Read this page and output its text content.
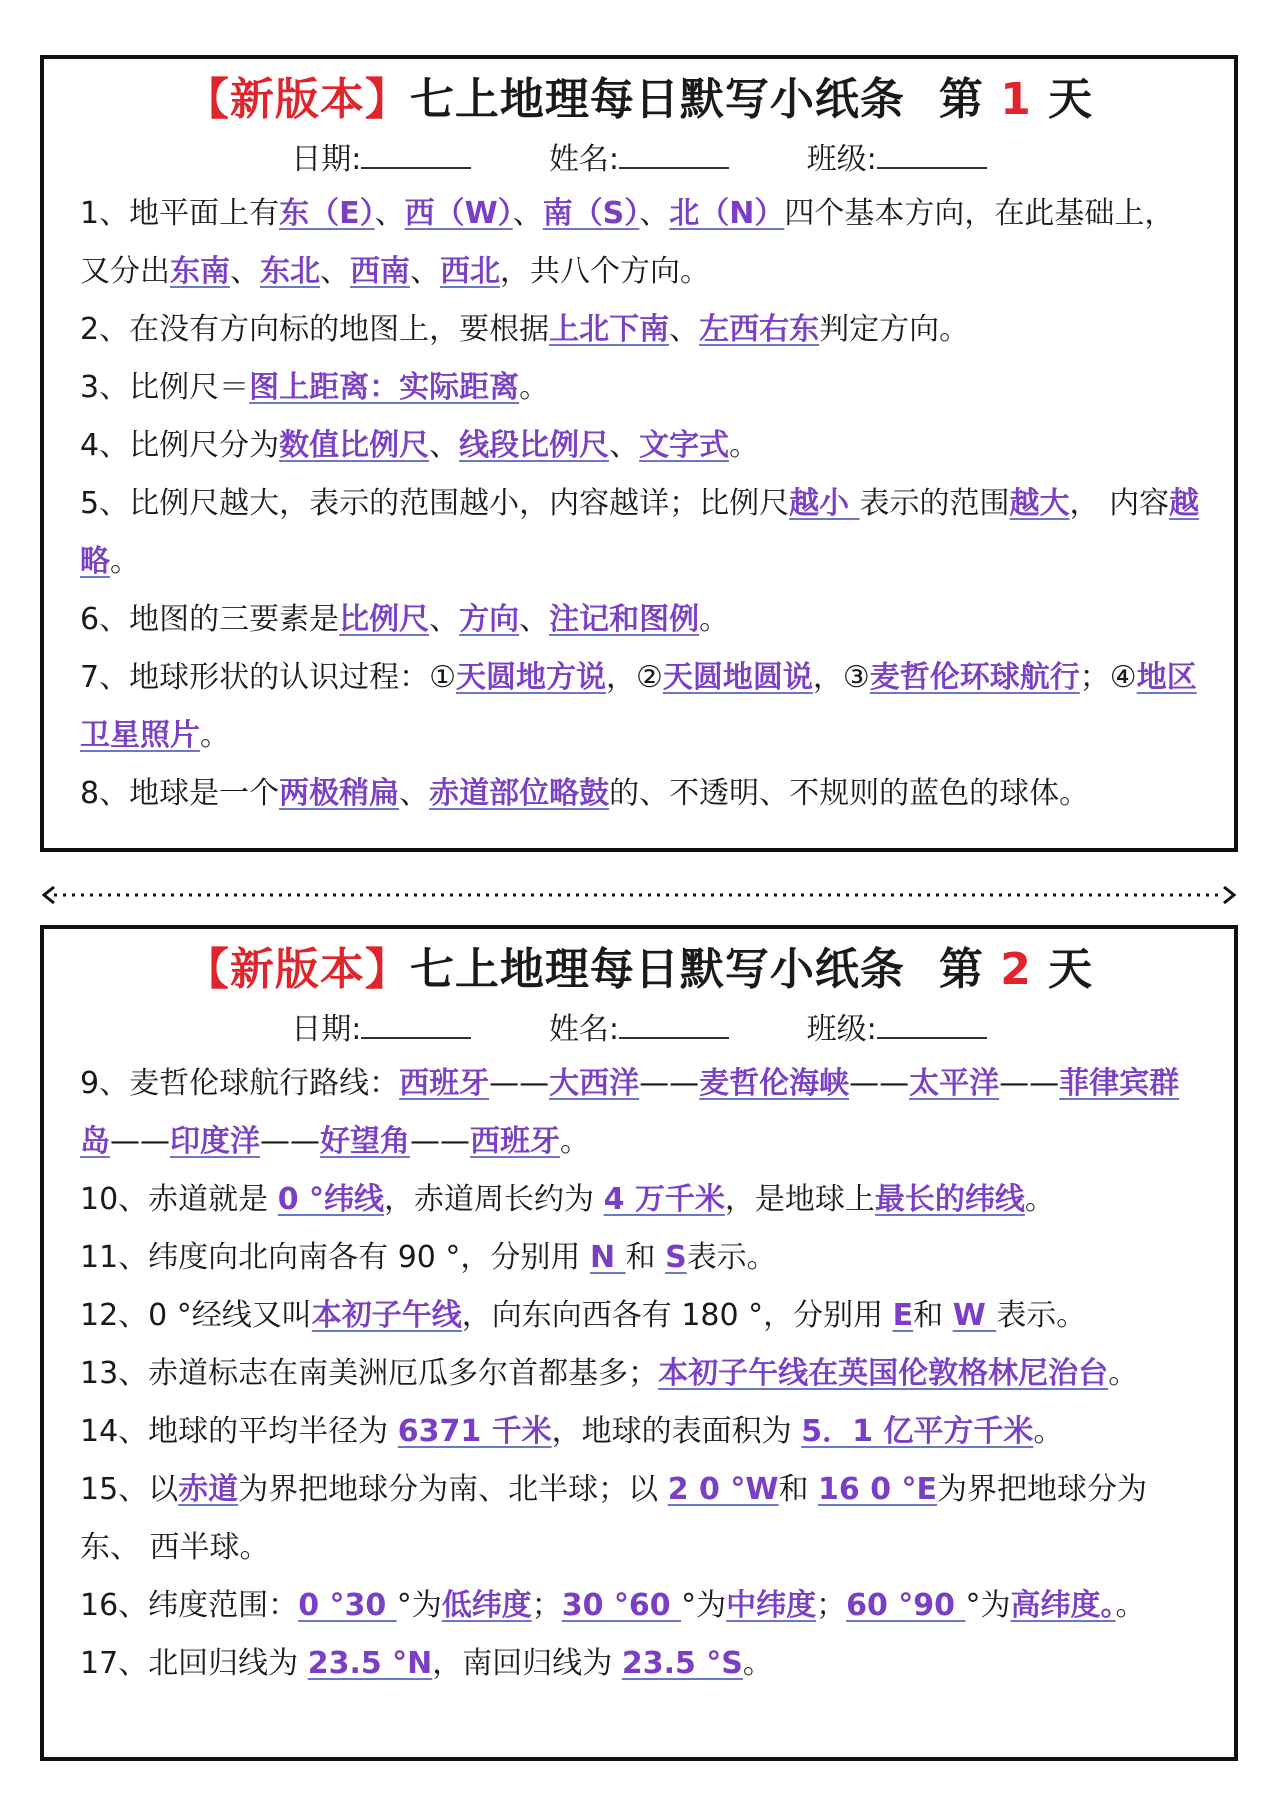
【新版本】七上地理每日默写小纸条 第 1 天
日期:	姓名:	班级:

1、地平面上有东（E）、西（W）、南（S）、北（N）四个基本方向，在此基础上，又分出东南、东北、西南、西北，共八个方向。

2、在没有方向标的地图上，要根据上北下南、左西右东判定方向。

3、比例尺＝图上距离：实际距离。

4、比例尺分为数值比例尺、线段比例尺、文字式。

5、比例尺越大，表示的范围越小，内容越详；比例尺越小 表示的范围越大， 内容越略。

6、地图的三要素是比例尺、方向、注记和图例。

7、地球形状的认识过程：①天圆地方说，②天圆地圆说，③麦哲伦环球航行；④地区卫星照片。

8、地球是一个两极稍扁、赤道部位略鼓的、不透明、不规则的蓝色的球体。

【新版本】七上地理每日默写小纸条 第 2 天
日期:	姓名:	班级:

9、麦哲伦球航行路线：西班牙——大西洋——麦哲伦海峡——太平洋——菲律宾群岛——印度洋——好望角——西班牙。

10、赤道就是 0 °纬线，赤道周长约为 4 万千米，是地球上最长的纬线。

11、纬度向北向南各有 90 °，分别用 N 和 S表示。

12、0 °经线又叫本初子午线，向东向西各有 180 °，分别用 E和 W 表示。

13、赤道标志在南美洲厄瓜多尔首都基多；本初子午线在英国伦敦格林尼治台。

14、地球的平均半径为 6371 千米，地球的表面积为 5．1 亿平方千米。

15、以赤道为界把地球分为南、北半球；以 2 0 °W和 16 0 °E为界把地球分为东、 西半球。

16、纬度范围：0 °30 °为低纬度；30 °60 °为中纬度；60 °90 °为高纬度。。

17、北回归线为 23.5 °N，南回归线为 23.5 °S。
